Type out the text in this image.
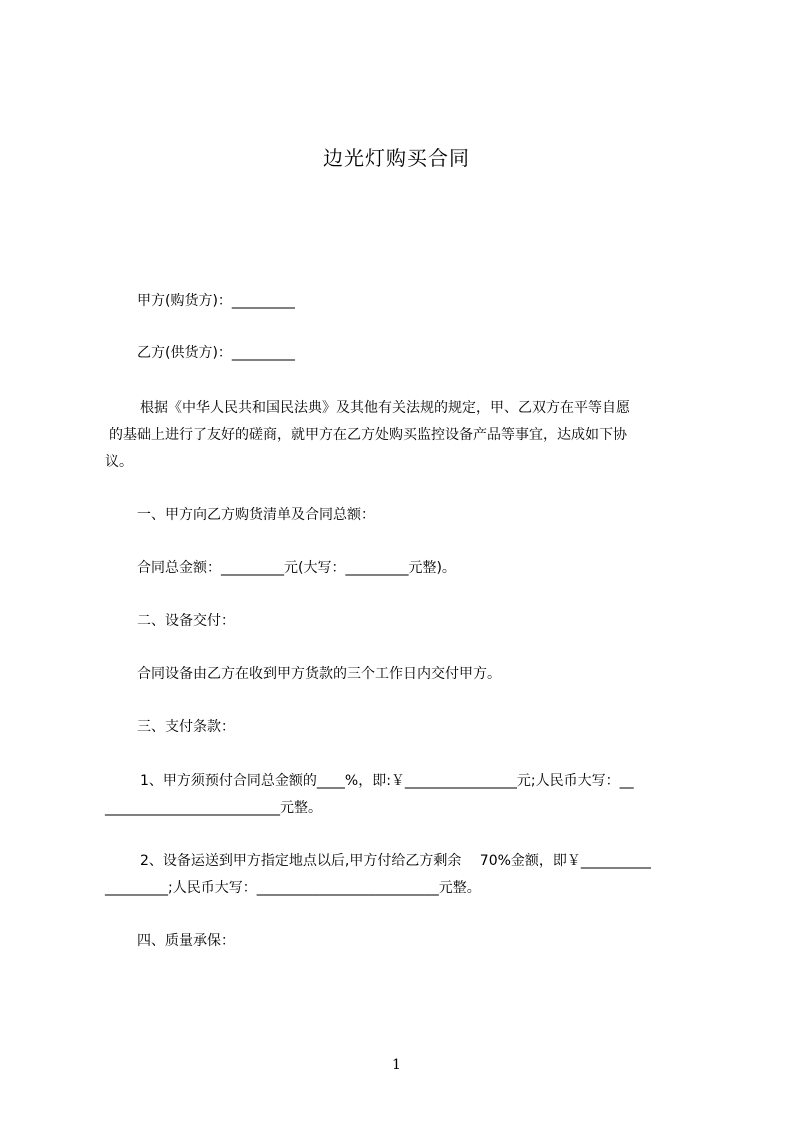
边光灯购买合同
甲方(购货方)：_________
乙方(供货方)：_________
根据《中华人民共和国民法典》及其他有关法规的规定，甲、乙双方在平等自愿
的基础上进行了友好的磋商，就甲方在乙方处购买监控设备产品等事宜，达成如下协
议。
一、甲方向乙方购货清单及合同总额：
合同总金额：_________元(大写：_________元整)。
二、设备交付：
合同设备由乙方在收到甲方货款的三个工作日内交付甲方。
三、支付条款：
1、甲方须预付合同总金额的____%，即:￥________________元;人民币大写：__
_________________________元整。
2、设备运送到甲方指定地点以后,甲方付给乙方剩余　 70%金额，即￥__________
_________;人民币大写：__________________________元整。
四、质量承保：
1
